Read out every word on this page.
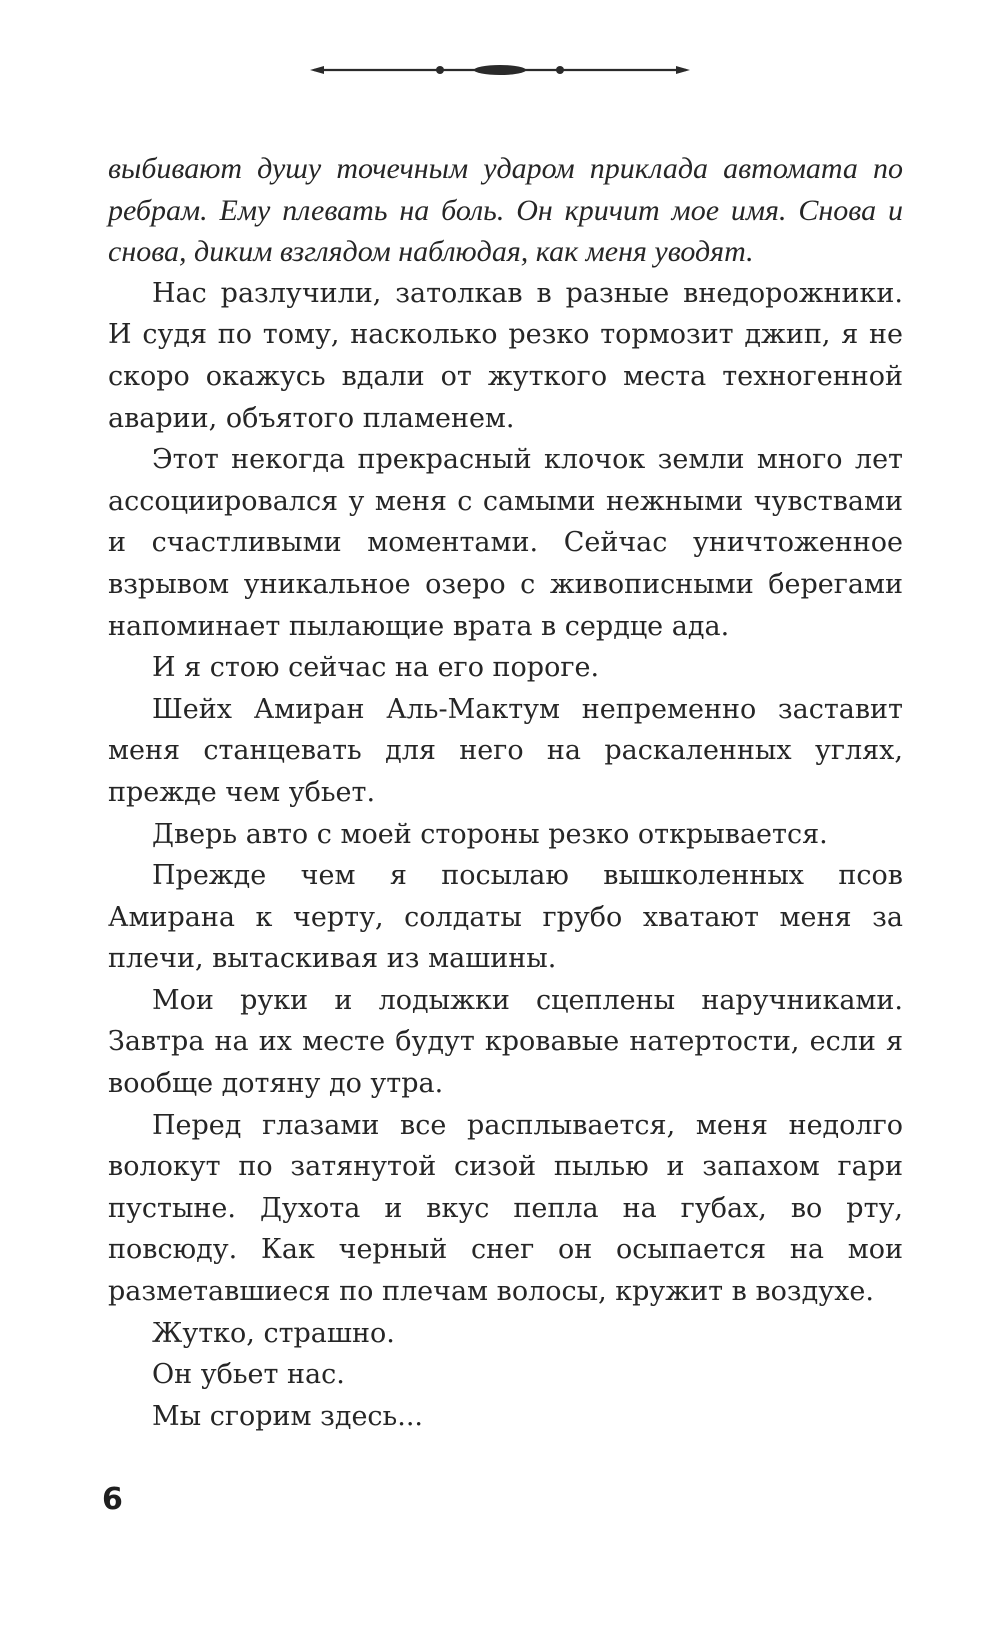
выбивают душу точечным ударом приклада автомата по ребрам. Ему плевать на боль. Он кричит мое имя. Снова и снова, диким взглядом наблюдая, как меня уводят.

Нас разлучили, затолкав в разные внедорожники. И судя по тому, насколько резко тормозит джип, я не скоро окажусь вдали от жуткого места техногенной аварии, объятого пламенем.

Этот некогда прекрасный клочок земли много лет ассоциировался у меня с самыми нежными чувствами и счастливыми моментами. Сейчас уничтоженное взрывом уникальное озеро с живописными берегами напоминает пылающие врата в сердце ада.

И я стою сейчас на его пороге.

Шейх Амиран Аль-Мактум непременно заставит меня станцевать для него на раскаленных углях, прежде чем убьет.

Дверь авто с моей стороны резко открывается.

Прежде чем я посылаю вышколенных псов Амирана к черту, солдаты грубо хватают меня за плечи, вытаскивая из машины.

Мои руки и лодыжки сцеплены наручниками. Завтра на их месте будут кровавые натертости, если я вообще дотяну до утра.

Перед глазами все расплывается, меня недолго волокут по затянутой сизой пылью и запахом гари пустыне. Духота и вкус пепла на губах, во рту, повсюду. Как черный снег он осыпается на мои разметавшиеся по плечам волосы, кружит в воздухе.

Жутко, страшно.

Он убьет нас.

Мы сгорим здесь...

6
